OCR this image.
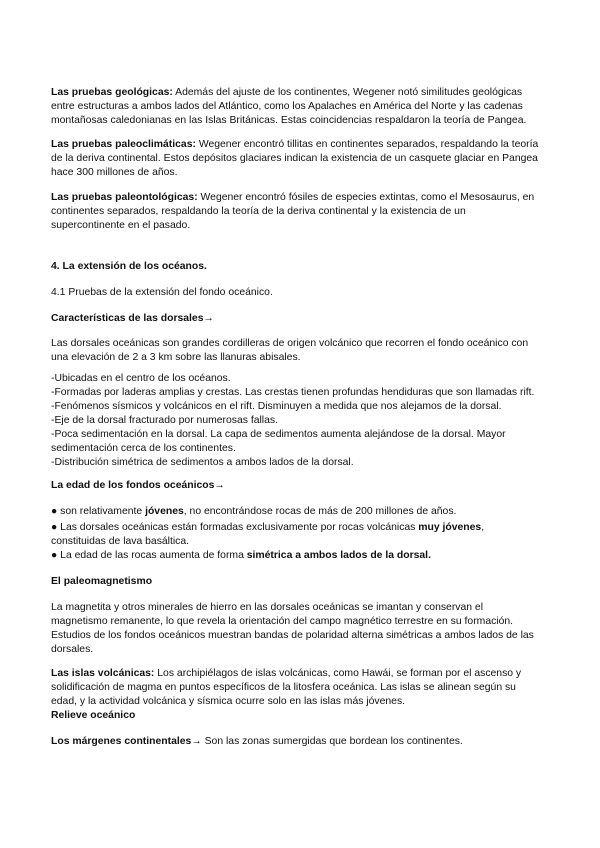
Las pruebas geológicas: Además del ajuste de los continentes, Wegener notó similitudes geológicas

entre estructuras a ambos lados del Atlántico, como los Apalaches en América del Norte y las cadenas

montañosas caledonianas en las Islas Británicas. Estas coincidencias respaldaron la teoría de Pangea.

Las pruebas paleoclimáticas: Wegener encontró tillitas en continentes separados, respaldando la teoría

de la deriva continental. Estos depósitos glaciares indican la existencia de un casquete glaciar en Pangea

hace 300 millones de años.

Las pruebas paleontológicas: Wegener encontró fósiles de especies extintas, como el Mesosaurus, en

continentes separados, respaldando la teoría de la deriva continental y la existencia de un

supercontinente en el pasado.

4. La extensión de los océanos.

4.1 Pruebas de la extensión del fondo oceánico.

Características de las dorsales→

Las dorsales oceánicas son grandes cordilleras de origen volcánico que recorren el fondo oceánico con

una elevación de 2 a 3 km sobre las llanuras abisales.

-Ubicadas en el centro de los océanos.

-Formadas por laderas amplias y crestas. Las crestas tienen profundas hendiduras que son llamadas rift.

-Fenómenos sísmicos y volcánicos en el rift. Disminuyen a medida que nos alejamos de la dorsal.

-Eje de la dorsal fracturado por numerosas fallas.

-Poca sedimentación en la dorsal. La capa de sedimentos aumenta alejándose de la dorsal. Mayor

sedimentación cerca de los continentes.

-Distribución simétrica de sedimentos a ambos lados de la dorsal.

La edad de los fondos oceánicos→

● son relativamente jóvenes, no encontrándose rocas de más de 200 millones de años.

● Las dorsales oceánicas están formadas exclusivamente por rocas volcánicas muy jóvenes,

constituidas de lava basáltica.

● La edad de las rocas aumenta de forma simétrica a ambos lados de la dorsal.

El paleomagnetismo

La magnetita y otros minerales de hierro en las dorsales oceánicas se imantan y conservan el

magnetismo remanente, lo que revela la orientación del campo magnético terrestre en su formación.

Estudios de los fondos oceánicos muestran bandas de polaridad alterna simétricas a ambos lados de las

dorsales.

Las islas volcánicas: Los archipiélagos de islas volcánicas, como Hawái, se forman por el ascenso y

solidificación de magma en puntos específicos de la litosfera oceánica. Las islas se alinean según su

edad, y la actividad volcánica y sísmica ocurre solo en las islas más jóvenes.

Relieve oceánico

Los márgenes continentales→ Son las zonas sumergidas que bordean los continentes.
